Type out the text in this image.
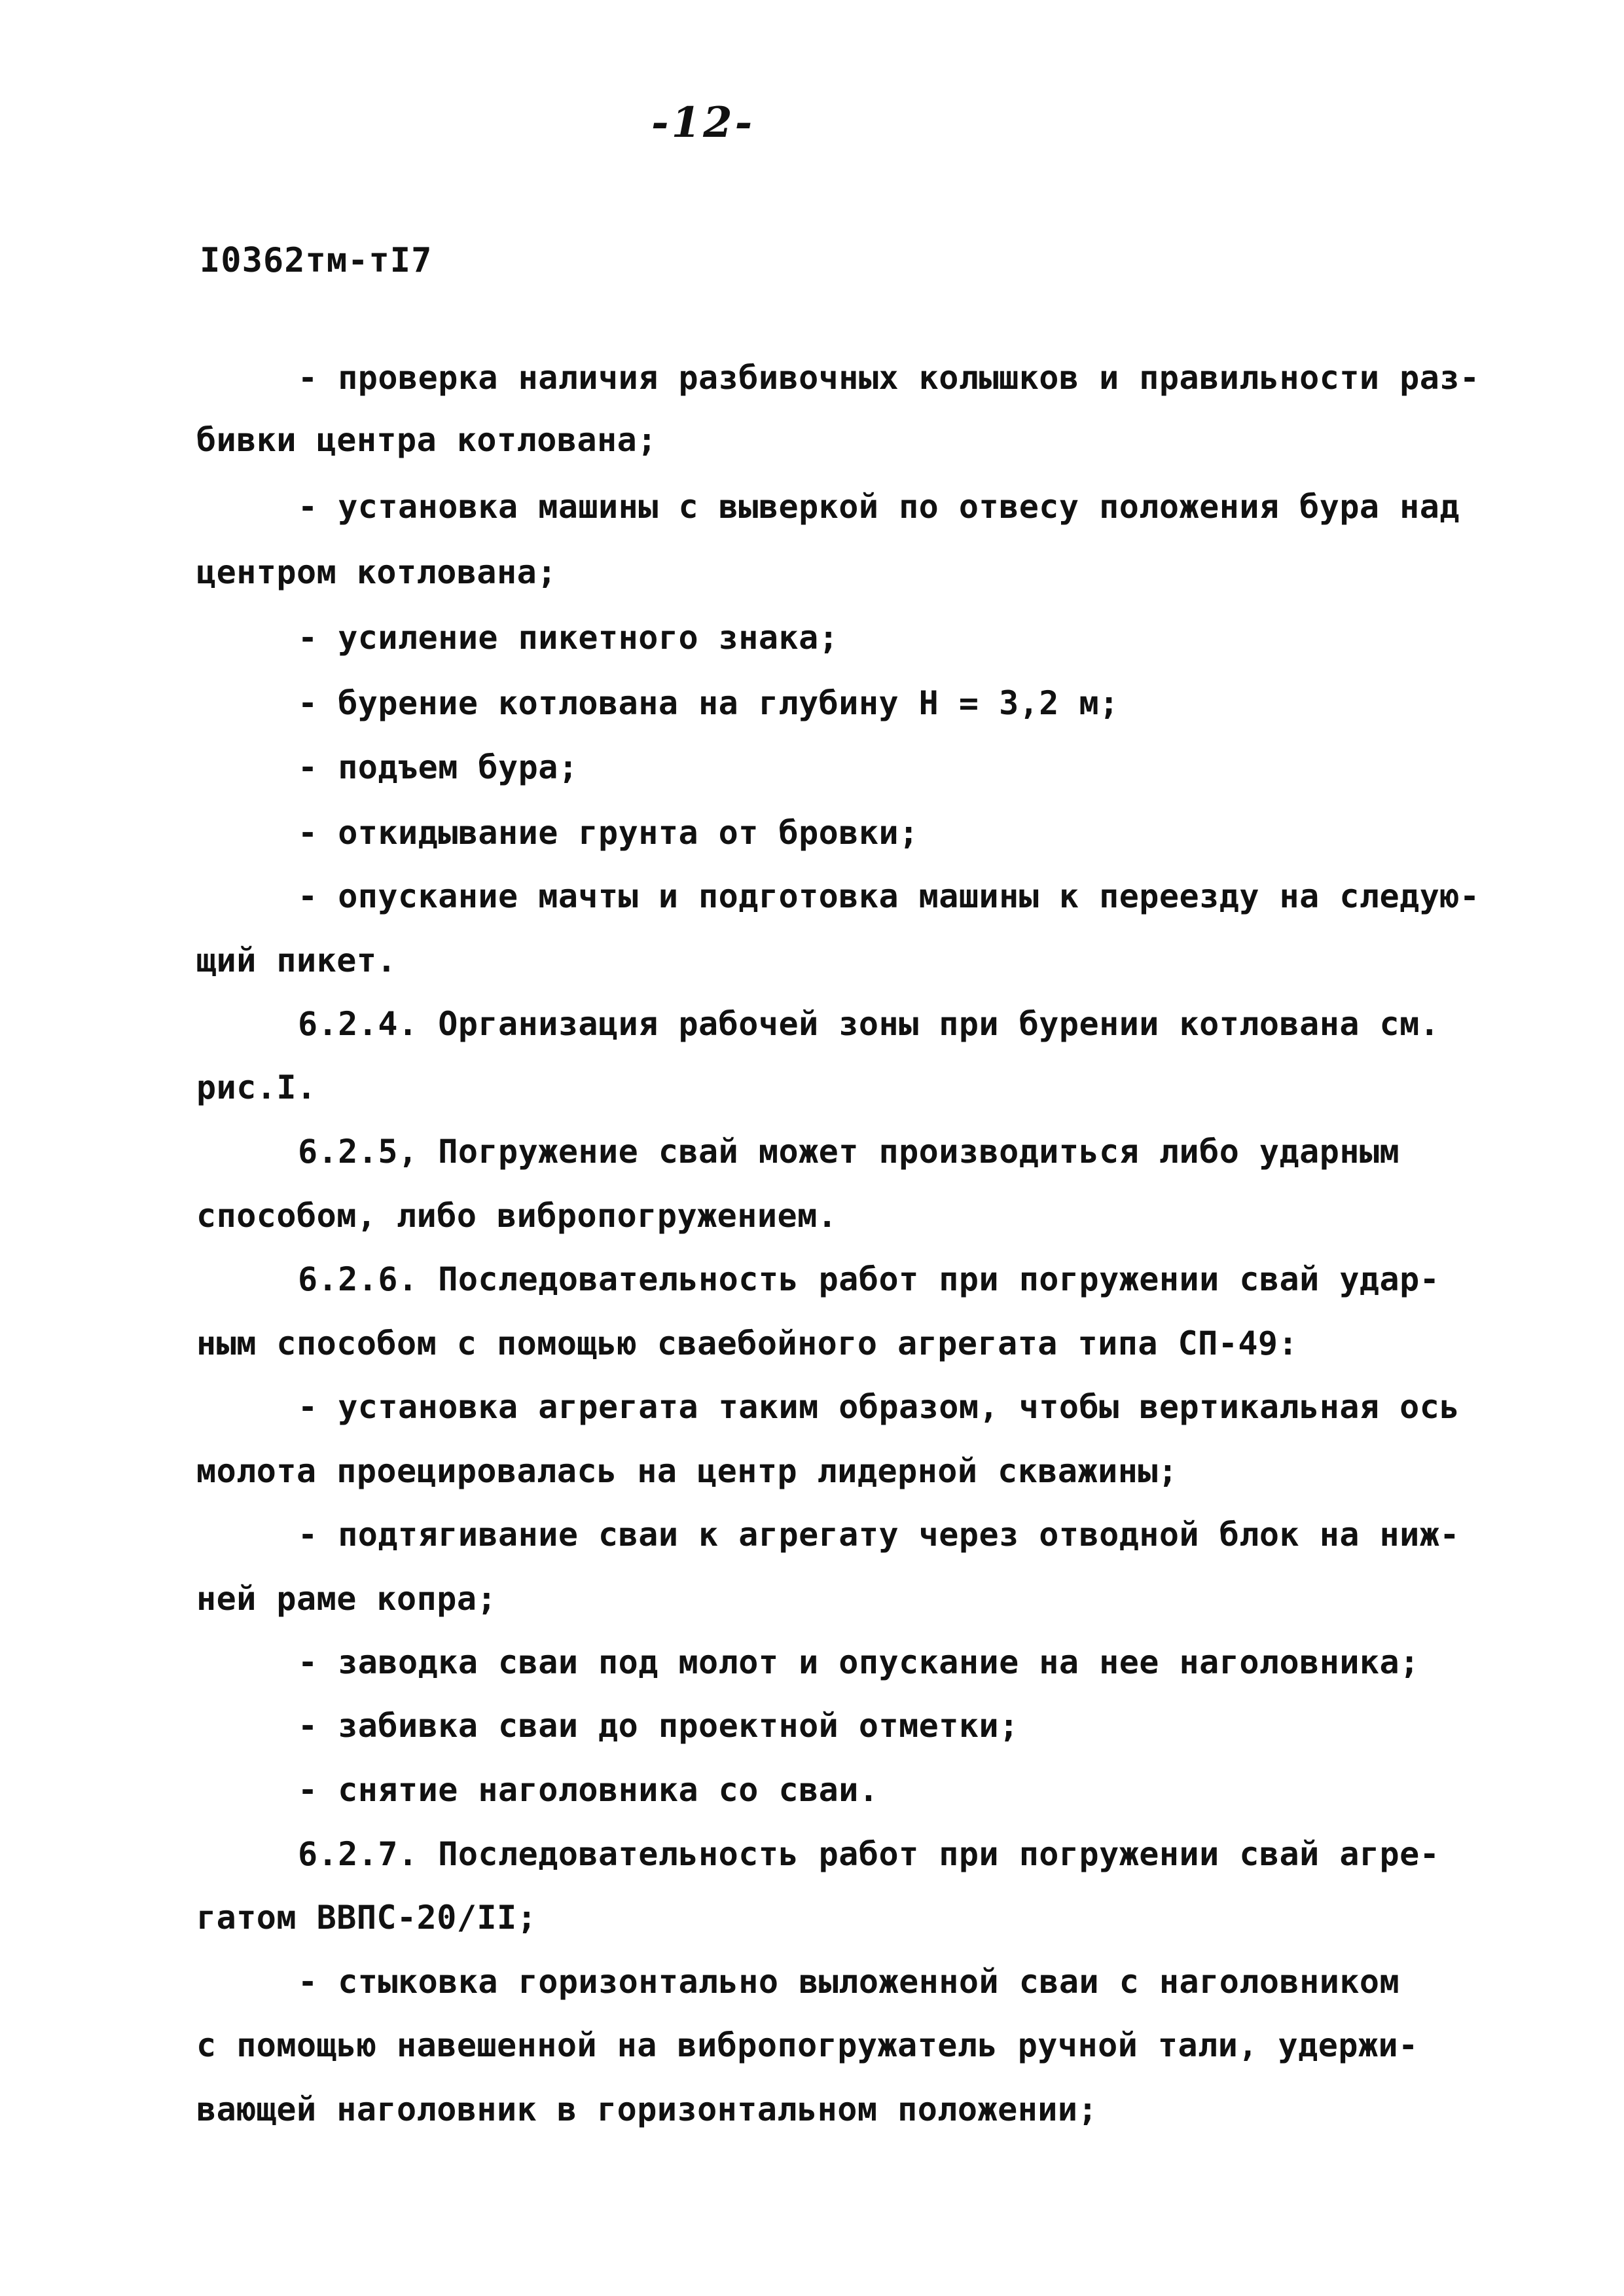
-12-
I0362тм-тI7
- проверка наличия разбивочных колышков и правильности раз-
бивки центра котлована;
- установка машины с выверкой по отвесу положения бура над
центром котлована;
- усиление пикетного знака;
- бурение котлована на глубину Н = 3,2 м;
- подъем бура;
- откидывание грунта от бровки;
- опускание мачты и подготовка машины к переезду на следую-
щий пикет.
6.2.4. Организация рабочей зоны при бурении котлована см.
рис.I.
6.2.5, Погружение свай может производиться либо ударным
способом, либо вибропогружением.
6.2.6. Последовательность работ при погружении свай удар-
ным способом с помощью сваебойного агрегата типа СП-49:
- установка агрегата таким образом, чтобы вертикальная ось
молота проецировалась на центр лидерной скважины;
- подтягивание сваи к агрегату через отводной блок на ниж-
ней раме копра;
- заводка сваи под молот и опускание на нее наголовника;
- забивка сваи до проектной отметки;
- снятие наголовника со сваи.
6.2.7. Последовательность работ при погружении свай агре-
гатом ВВПС-20/II;
- стыковка горизонтально выложенной сваи с наголовником
с помощью навешенной на вибропогружатель ручной тали, удержи-
вающей наголовник в горизонтальном положении;
